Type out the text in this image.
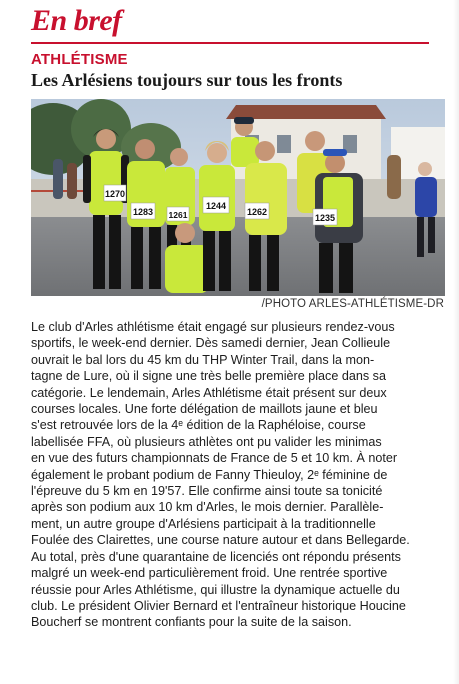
En bref
ATHLÉTISME
Les Arlésiens toujours sur tous les fronts
1270
1283 1261
1244
1262
1235
/PHOTO ARLES-ATHLÉTISME-DR
Le club d'Arles athlétisme était engagé sur plusieurs rendez-vous
sportifs, le week-end dernier. Dès samedi dernier, Jean Collieule
ouvrait le bal lors du 45 km du THP Winter Trail, dans la mon-
tagne de Lure, où il signe une très belle première place dans sa
catégorie. Le lendemain, Arles Athlétisme était présent sur deux
courses locales. Une forte délégation de maillots jaune et bleu
s'est retrouvée lors de la 4ᵉ édition de la Raphéloise, course
labellisée FFA, où plusieurs athlètes ont pu valider les minimas
en vue des futurs championnats de France de 5 et 10 km. À noter
également le probant podium de Fanny Thieuloy, 2ᵉ féminine de
l'épreuve du 5 km en 19'57. Elle confirme ainsi toute sa tonicité
après son podium aux 10 km d'Arles, le mois dernier. Parallèle-
ment, un autre groupe d'Arlésiens participait à la traditionnelle
Foulée des Clairettes, une course nature autour et dans Bellegarde.
Au total, près d'une quarantaine de licenciés ont répondu présents
malgré un week-end particulièrement froid. Une rentrée sportive
réussie pour Arles Athlétisme, qui illustre la dynamique actuelle du
club. Le président Olivier Bernard et l'entraîneur historique Houcine
Boucherf se montrent confiants pour la suite de la saison.
